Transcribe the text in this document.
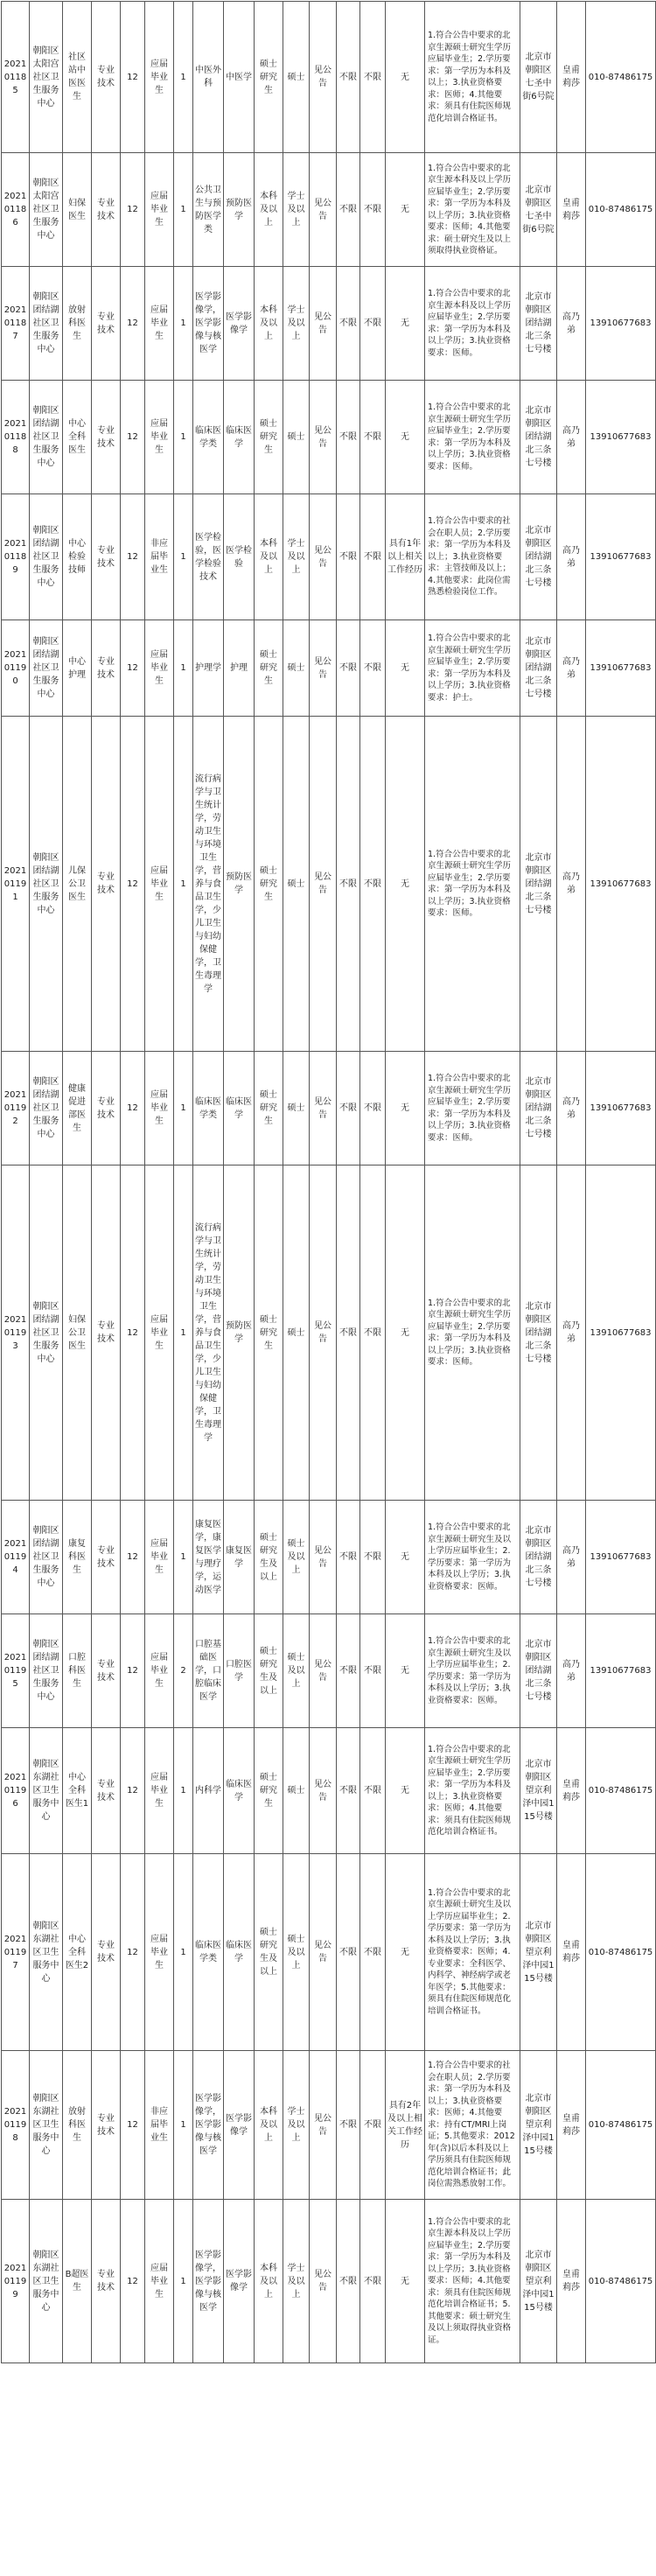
202101185	朝阳区太阳宫社区卫生服务中心	社区站中医医生	专业技术	12	应届毕业生	1	中医外科	中医学	硕士研究生	硕士	见公告	不限	不限	无	1.符合公告中要求的北京生源硕士研究生学历应届毕业生；2.学历要求：第一学历为本科及以上；3.执业资格要求：医师；4.其他要求：须具有住院医师规范化培训合格证书。	北京市朝阳区七圣中街6号院	皇甫莉莎	010-87486175
202101186	朝阳区太阳宫社区卫生服务中心	妇保医生	专业技术	12	应届毕业生	1	公共卫生与预防医学类	预防医学	本科及以上	学士及以上	见公告	不限	不限	无	1.符合公告中要求的北京生源本科及以上学历应届毕业生；2.学历要求：第一学历为本科及以上学历；3.执业资格要求：医师；4.其他要求：硕士研究生及以上须取得执业资格证。	北京市朝阳区七圣中街6号院	皇甫莉莎	010-87486175
202101187	朝阳区团结湖社区卫生服务中心	放射科医生	专业技术	12	应届毕业生	1	医学影像学，医学影像与核医学	医学影像学	本科及以上	学士及以上	见公告	不限	不限	无	1.符合公告中要求的北京生源本科及以上学历应届毕业生；2.学历要求：第一学历为本科及以上学历；3.执业资格要求：医师。	北京市朝阳区团结湖北三条七号楼	高乃弟	13910677683
202101188	朝阳区团结湖社区卫生服务中心	中心全科医生	专业技术	12	应届毕业生	1	临床医学类	临床医学	硕士研究生	硕士	见公告	不限	不限	无	1.符合公告中要求的北京生源硕士研究生学历应届毕业生；2.学历要求：第一学历为本科及以上学历；3.执业资格要求：医师。	北京市朝阳区团结湖北三条七号楼	高乃弟	13910677683
202101189	朝阳区团结湖社区卫生服务中心	中心检验技师	专业技术	12	非应届毕业生	1	医学检验，医学检验技术	医学检验	本科及以上	学士及以上	见公告	不限	不限	具有1年以上相关工作经历	1.符合公告中要求的社会在职人员；2.学历要求：第一学历为本科及以上；3.执业资格要求：主管技师及以上；4.其他要求：此岗位需熟悉检验岗位工作。	北京市朝阳区团结湖北三条七号楼	高乃弟	13910677683
202101190	朝阳区团结湖社区卫生服务中心	中心护理	专业技术	12	应届毕业生	1	护理学	护理	硕士研究生	硕士	见公告	不限	不限	无	1.符合公告中要求的北京生源硕士研究生学历应届毕业生；2.学历要求：第一学历为本科及以上学历；3.执业资格要求：护士。	北京市朝阳区团结湖北三条七号楼	高乃弟	13910677683
202101191	朝阳区团结湖社区卫生服务中心	儿保公卫医生	专业技术	12	应届毕业生	1	流行病学与卫生统计学，劳动卫生与环境卫生学，营养与食品卫生学，少儿卫生与妇幼保健学，卫生毒理学	预防医学	硕士研究生	硕士	见公告	不限	不限	无	1.符合公告中要求的北京生源硕士研究生学历应届毕业生；2.学历要求：第一学历为本科及以上学历；3.执业资格要求：医师。	北京市朝阳区团结湖北三条七号楼	高乃弟	13910677683
202101192	朝阳区团结湖社区卫生服务中心	健康促进部医生	专业技术	12	应届毕业生	1	临床医学类	临床医学	硕士研究生	硕士	见公告	不限	不限	无	1.符合公告中要求的北京生源硕士研究生学历应届毕业生；2.学历要求：第一学历为本科及以上学历；3.执业资格要求：医师。	北京市朝阳区团结湖北三条七号楼	高乃弟	13910677683
202101193	朝阳区团结湖社区卫生服务中心	妇保公卫医生	专业技术	12	应届毕业生	1	流行病学与卫生统计学，劳动卫生与环境卫生学，营养与食品卫生学，少儿卫生与妇幼保健学，卫生毒理学	预防医学	硕士研究生	硕士	见公告	不限	不限	无	1.符合公告中要求的北京生源硕士研究生学历应届毕业生；2.学历要求：第一学历为本科及以上学历；3.执业资格要求：医师。	北京市朝阳区团结湖北三条七号楼	高乃弟	13910677683
202101194	朝阳区团结湖社区卫生服务中心	康复科医生	专业技术	12	应届毕业生	1	康复医学，康复医学与理疗学，运动医学	康复医学	硕士研究生及以上	硕士及以上	见公告	不限	不限	无	1.符合公告中要求的北京生源硕士研究生及以上学历应届毕业生；2.学历要求：第一学历为本科及以上学历；3.执业资格要求：医师。	北京市朝阳区团结湖北三条七号楼	高乃弟	13910677683
202101195	朝阳区团结湖社区卫生服务中心	口腔科医生	专业技术	12	应届毕业生	2	口腔基础医学，口腔临床医学	口腔医学	硕士研究生及以上	硕士及以上	见公告	不限	不限	无	1.符合公告中要求的北京生源硕士研究生及以上学历应届毕业生；2.学历要求：第一学历为本科及以上学历；3.执业资格要求：医师。	北京市朝阳区团结湖北三条七号楼	高乃弟	13910677683
202101196	朝阳区东湖社区卫生服务中心	中心全科医生1	专业技术	12	应届毕业生	1	内科学	临床医学	硕士研究生	硕士	见公告	不限	不限	无	1.符合公告中要求的北京生源硕士研究生学历应届毕业生；2.学历要求：第一学历为本科及以上；3.执业资格要求：医师；4.其他要求：须具有住院医师规范化培训合格证书。	北京市朝阳区望京利泽中园115号楼	皇甫莉莎	010-87486175
202101197	朝阳区东湖社区卫生服务中心	中心全科医生2	专业技术	12	应届毕业生	1	临床医学类	临床医学	硕士研究生及以上	硕士及以上	见公告	不限	不限	无	1.符合公告中要求的北京生源硕士研究生及以上学历应届毕业生；2.学历要求：第一学历为本科及以上学历；3.执业资格要求：医师；4.专业要求：全科医学、内科学、神经病学或老年医学；5.其他要求：须具有住院医师规范化培训合格证书。	北京市朝阳区望京利泽中园115号楼	皇甫莉莎	010-87486175
202101198	朝阳区东湖社区卫生服务中心	放射科医生	专业技术	12	非应届毕业生	1	医学影像学，医学影像与核医学	医学影像学	本科及以上	学士及以上	见公告	不限	不限	具有2年及以上相关工作经历	1.符合公告中要求的社会在职人员；2.学历要求：第一学历为本科及以上；3.执业资格要求：医师；4.其他要求：持有CT/MRI上岗证；5.其他要求：2012年(含)以后本科及以上学历须具有住院医师规范化培训合格证书；此岗位需熟悉放射工作。	北京市朝阳区望京利泽中园115号楼	皇甫莉莎	010-87486175
202101199	朝阳区东湖社区卫生服务中心	B超医生	专业技术	12	应届毕业生	1	医学影像学，医学影像与核医学	医学影像学	本科及以上	学士及以上	见公告	不限	不限	无	1.符合公告中要求的北京生源本科及以上学历应届毕业生；2.学历要求：第一学历为本科及以上学历；3.执业资格要求：医师；4.其他要求：须具有住院医师规范化培训合格证书；5.其他要求：硕士研究生及以上须取得执业资格证。	北京市朝阳区望京利泽中园115号楼	皇甫莉莎	010-87486175
